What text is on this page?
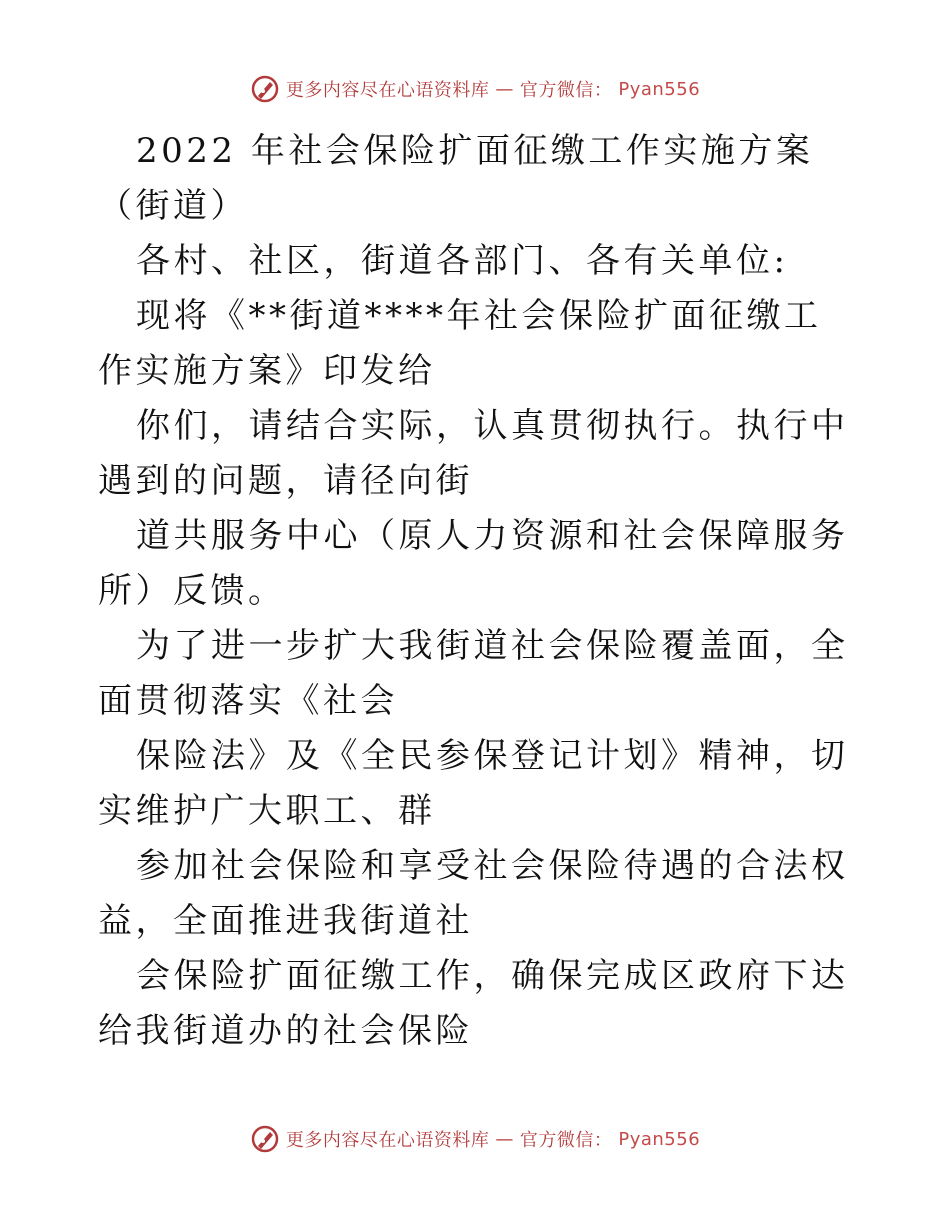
更多内容尽在心语资料库 — 官方微信： Pyan556

2022 年社会保险扩面征缴工作实施方案（街道）

各村、社区，街道各部门、各有关单位:

现将《**街道****年社会保险扩面征缴工作实施方案》印发给

你们，请结合实际，认真贯彻执行。执行中遇到的问题，请径向街

道共服务中心（原人力资源和社会保障服务所）反馈。

为了进一步扩大我街道社会保险覆盖面，全面贯彻落实《社会

保险法》及《全民参保登记计划》精神，切实维护广大职工、群

参加社会保险和享受社会保险待遇的合法权益，全面推进我街道社

会保险扩面征缴工作，确保完成区政府下达给我街道办的社会保险

更多内容尽在心语资料库 — 官方微信： Pyan556
